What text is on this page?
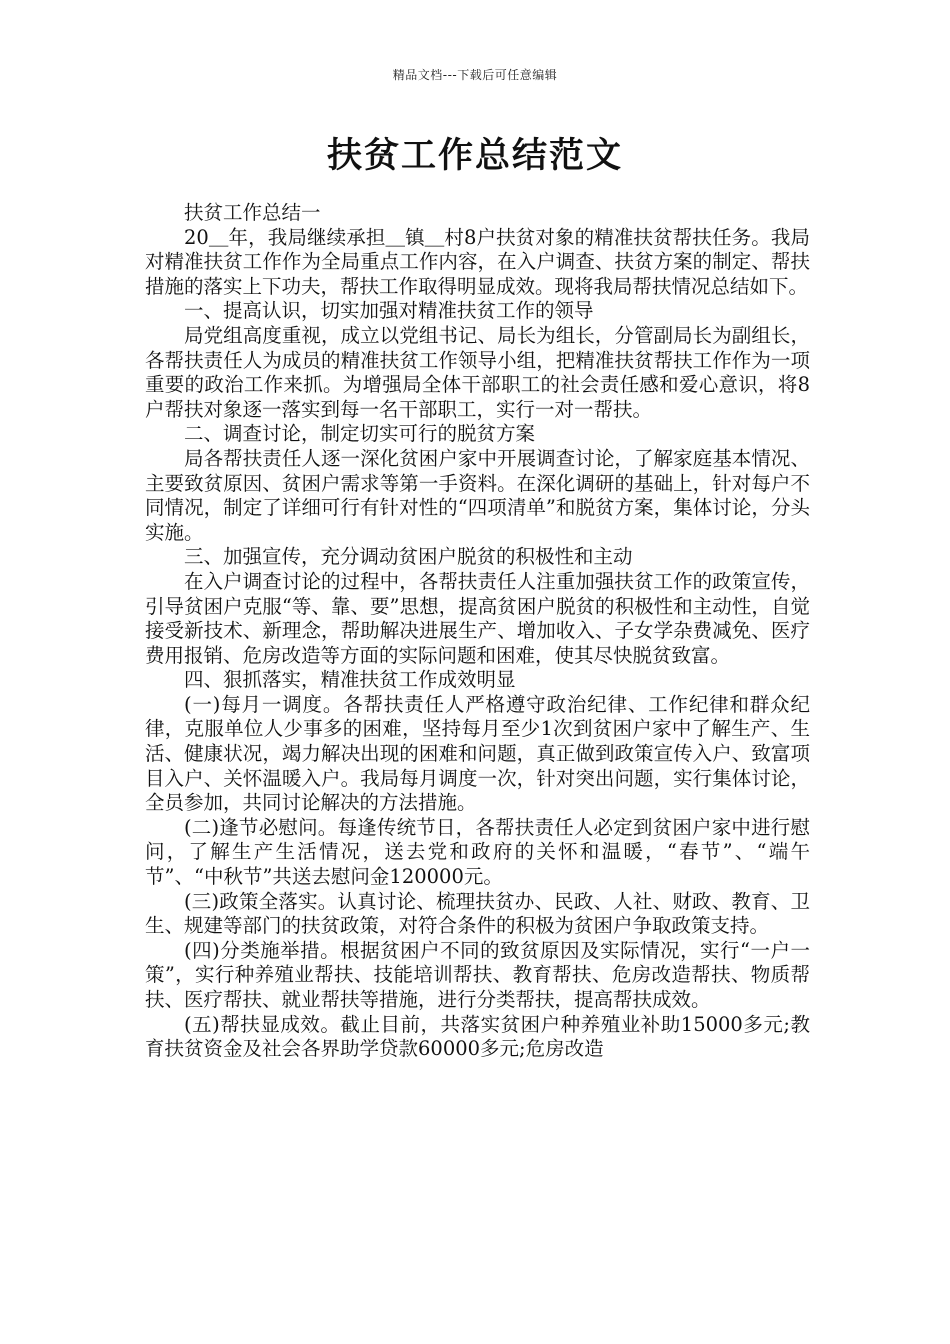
精品文档---下载后可任意编辑
扶贫工作总结范文

扶贫工作总结一

20＿年，我局继续承担＿镇＿村8户扶贫对象的精准扶贫帮扶任务。我局对精准扶贫工作作为全局重点工作内容，在入户调查、扶贫方案的制定、帮扶措施的落实上下功夫，帮扶工作取得明显成效。现将我局帮扶情况总结如下。

一、提高认识，切实加强对精准扶贫工作的领导

局党组高度重视，成立以党组书记、局长为组长，分管副局长为副组长，各帮扶责任人为成员的精准扶贫工作领导小组，把精准扶贫帮扶工作作为一项重要的政治工作来抓。为增强局全体干部职工的社会责任感和爱心意识，将8户帮扶对象逐一落实到每一名干部职工，实行一对一帮扶。

二、调查讨论，制定切实可行的脱贫方案

局各帮扶责任人逐一深化贫困户家中开展调查讨论，了解家庭基本情况、主要致贫原因、贫困户需求等第一手资料。在深化调研的基础上，针对每户不同情况，制定了详细可行有针对性的“四项清单”和脱贫方案，集体讨论，分头实施。

三、加强宣传，充分调动贫困户脱贫的积极性和主动

在入户调查讨论的过程中，各帮扶责任人注重加强扶贫工作的政策宣传，引导贫困户克服“等、靠、要”思想，提高贫困户脱贫的积极性和主动性，自觉接受新技术、新理念，帮助解决进展生产、增加收入、子女学杂费减免、医疗费用报销、危房改造等方面的实际问题和困难，使其尽快脱贫致富。

四、狠抓落实，精准扶贫工作成效明显

(一)每月一调度。各帮扶责任人严格遵守政治纪律、工作纪律和群众纪律，克服单位人少事多的困难，坚持每月至少1次到贫困户家中了解生产、生活、健康状况，竭力解决出现的困难和问题，真正做到政策宣传入户、致富项目入户、关怀温暖入户。我局每月调度一次，针对突出问题，实行集体讨论，全员参加，共同讨论解决的方法措施。

(二)逢节必慰问。每逢传统节日，各帮扶责任人必定到贫困户家中进行慰问，了解生产生活情况，送去党和政府的关怀和温暖，“春节”、“端午节”、“中秋节”共送去慰问金120000元。

(三)政策全落实。认真讨论、梳理扶贫办、民政、人社、财政、教育、卫生、规建等部门的扶贫政策，对符合条件的积极为贫困户争取政策支持。

(四)分类施举措。根据贫困户不同的致贫原因及实际情况，实行“一户一策”，实行种养殖业帮扶、技能培训帮扶、教育帮扶、危房改造帮扶、物质帮扶、医疗帮扶、就业帮扶等措施，进行分类帮扶，提高帮扶成效。

(五)帮扶显成效。截止目前，共落实贫困户种养殖业补助15000多元;教育扶贫资金及社会各界助学贷款60000多元;危房改造
